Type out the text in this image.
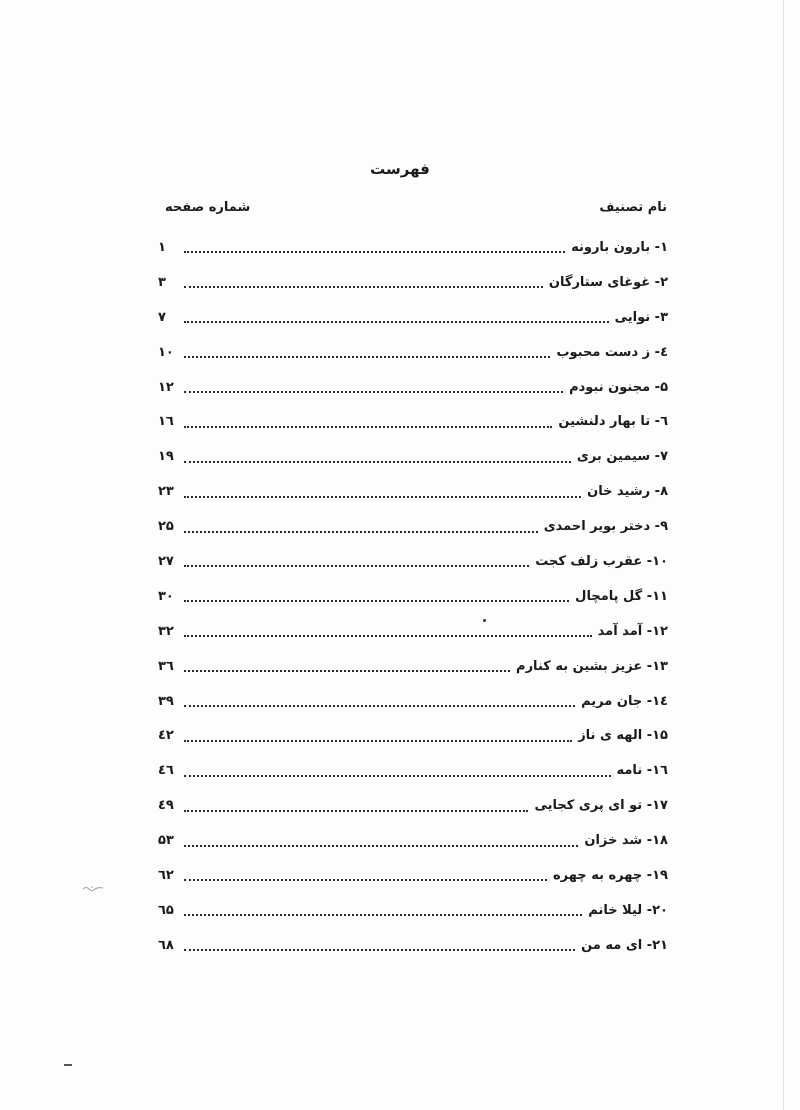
فهرست
نام تصنیف
شماره صفحه
۱- بارون بارونه
۱
۲- غوغای ستارگان
۳
۳- نوایی
۷
٤- ز دست محبوب
۱۰
۵- مجنون نبودم
۱۲
٦- تا بهار دلنشین
۱٦
۷- سیمین بری
۱۹
۸- رشید خان
۲۳
۹- دختر بویر احمدی
۲۵
۱۰- عقرب زلف کجت
۲۷
۱۱- گل پامچال
۳۰
۱۲- آمد آمد
۳۲
۱۳- عزیز بشین به کنارم
۳٦
۱٤- جان مریم
۳۹
۱۵- الهه ی ناز
٤۲
۱٦- نامه
٤٦
۱۷- تو ای پری کجایی
٤۹
۱۸- شد خزان
۵۳
۱۹- چهره به چهره
٦۲
۲۰- لیلا خانم
٦۵
۲۱- ای مه من
٦۸
